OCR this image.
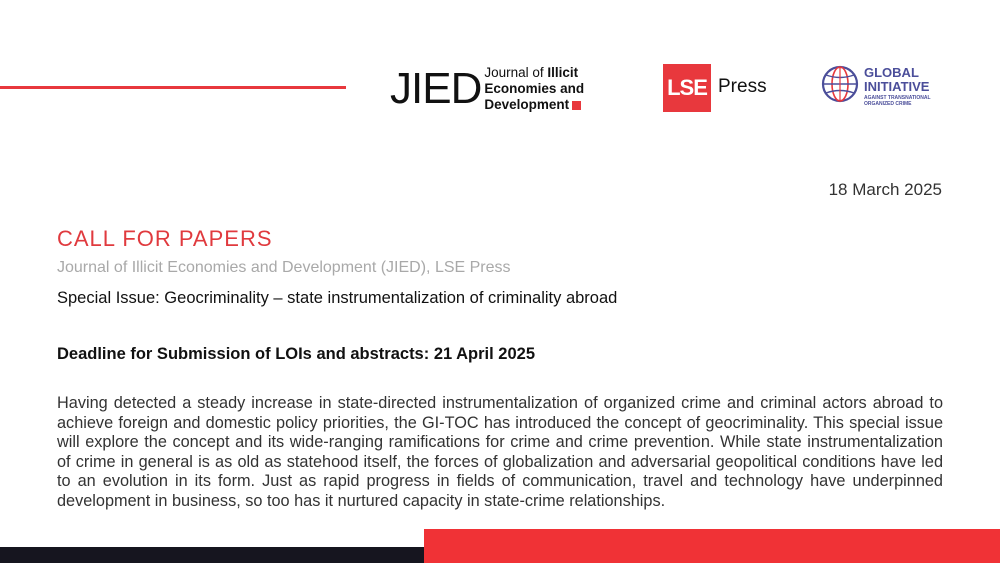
JIED Journal of Illicit
Economies and
Development
LSE Press
GLOBAL
INITIATIVE
AGAINST TRANSNATIONAL
ORGANIZED CRIME
18 March 2025
CALL FOR PAPERS
Journal of Illicit Economies and Development (JIED), LSE Press
Special Issue: Geocriminality – state instrumentalization of criminality abroad
Deadline for Submission of LOIs and abstracts: 21 April 2025
Having detected a steady increase in state-directed instrumentalization of organized crime and criminal actors abroad to achieve foreign and domestic policy priorities, the GI-TOC has introduced the concept of geocriminality. This special issue will explore the concept and its wide-ranging ramifications for crime and crime prevention. While state instrumentalization of crime in general is as old as statehood itself, the forces of globalization and adversarial geopolitical conditions have led to an evolution in its form. Just as rapid progress in fields of communication, travel and technology have underpinned development in business, so too has it nurtured capacity in state-crime relationships.
